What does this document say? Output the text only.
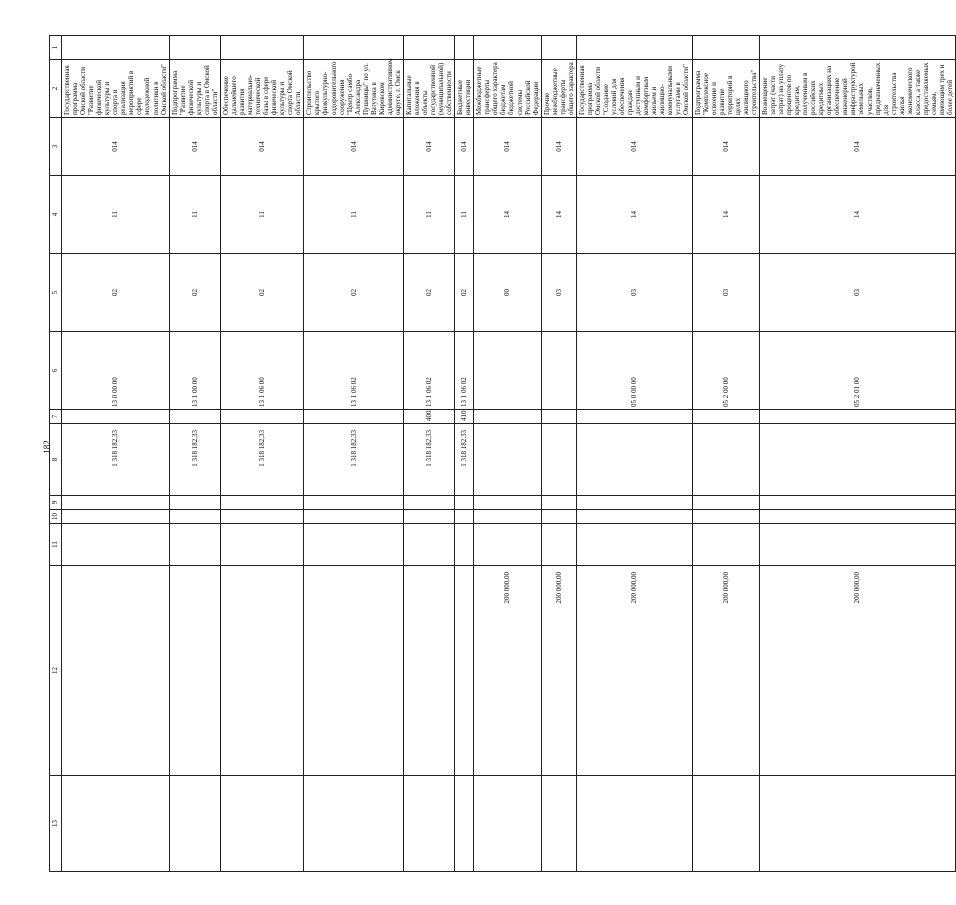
182
13	12	11	10	9	8	7	6	5	4	3	2	1
					1 318 182,33		13 0 00 00	02	11	014	Государственная программа Омской области "Развитие физической культуры и спорта и реализация мероприятий в сфере молодежной политики в Омской области"	
					1 318 182,33		13 1 00 00	02	11	014	Подпрограмма "Развитие физической культуры и спорта в Омской области"	
					1 318 182,33		13 1 06 00	02	11	014	Обеспечение дальнейшего развития материально-технической базы в сфере физической культуры и спорта Омской области	
					1 318 182,33		13 1 06 02	02	11	014	Строительство крытого физкультурно-оздоровительного сооружения "Центр самбо Александра Пушницы" по ул. Ватутина в Кировском административном округе, г. Омск	
					1 318 182,33	400	13 1 06 02	02	11	014	Капитальные вложения в объекты государственной (муниципальной) собственности	
					1 318 182,33	410	13 1 06 02	02	11	014	Бюджетные инвестиции	
	200 000,00							00	14	014	Межбюджетные трансферты общего характера бюджетам бюджетной системы Российской Федерации	
	200 000,00							03	14	014	Прочие межбюджетные трансферты общего характера	
	200 000,00						05 0 00 00	03	14	014	Государственная программа Омской области "Создание условий для обеспечения граждан доступным и комфортным жильем и жилищно-коммунальными услугами в Омской области"	
	200 000,00						05 2 00 00	03	14	014	Подпрограмма "Комплексное освоение и развитие территорий в целях жилищного строительства"	
	200 000,00						05 2 01 00	03	14	014	Возмещение затрат (части затрат) на уплату процентов по кредитам, полученным в российских кредитных организациях на обеспечение инженерной инфраструктурой земельных участков, предназначенных для строительства жилья экономического класса, а также предоставляемых семьям, имеющим трех и более детей	
